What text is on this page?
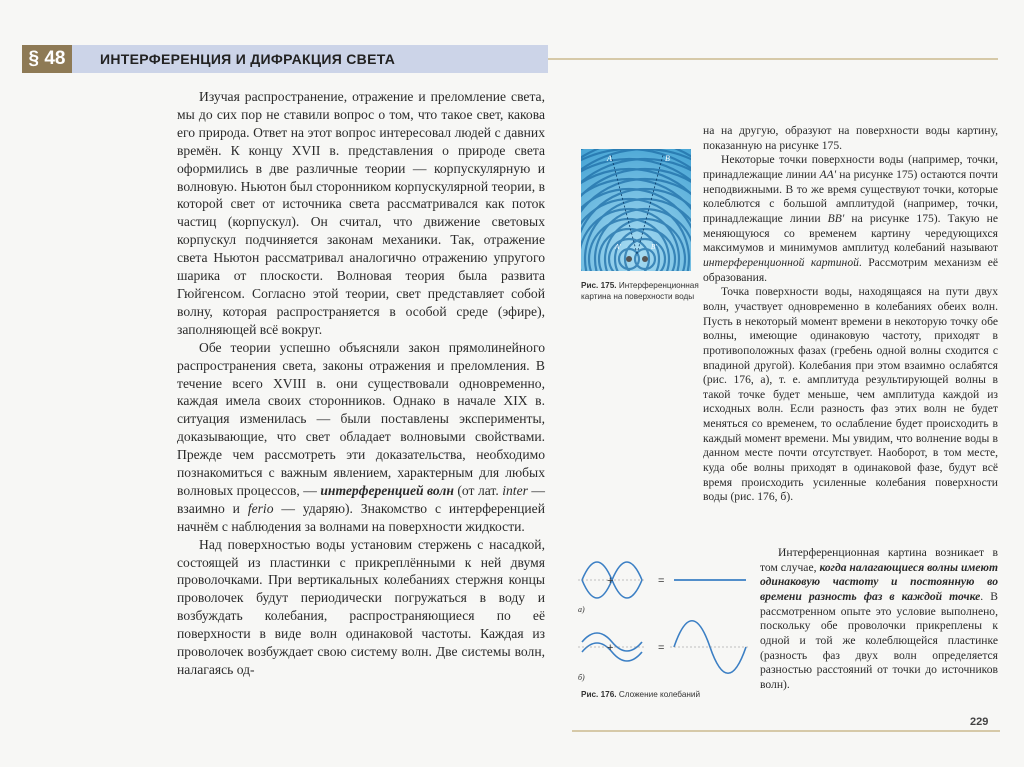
§ 48	ИНТЕРФЕРЕНЦИЯ И ДИФРАКЦИЯ СВЕТА

Изучая распространение, отражение и преломление света, мы до сих пор не ставили вопрос о том, что такое свет, какова его природа. Ответ на этот вопрос интересовал людей с давних времён. К концу XVII в. представления о природе света оформились в две различные теории — корпускулярную и волновую. Ньютон был сторонником корпускулярной теории, в которой свет от источника света рассматривался как поток частиц (корпускул). Он считал, что движение световых корпускул подчиняется законам механики. Так, отражение света Ньютон рассматривал аналогично отражению упругого шарика от плоскости. Волновая теория была развита Гюйгенсом. Согласно этой теории, свет представляет собой волну, которая распространяется в особой среде (эфире), заполняющей всё вокруг.

Обе теории успешно объясняли закон прямолинейного распространения света, законы отражения и преломления. В течение всего XVIII в. они существовали одновременно, каждая имела своих сторонников. Однако в начале XIX в. ситуация изменилась — были поставлены эксперименты, доказывающие, что свет обладает волновыми свойствами. Прежде чем рассмотреть эти доказательства, необходимо познакомиться с важным явлением, характерным для любых волновых процессов, — интерференцией волн (от лат. inter — взаимно и ferio — ударяю). Знакомство с интерференцией начнём с наблюдения за волнами на поверхности жидкости.

Над поверхностью воды установим стержень с насадкой, состоящей из пластинки с прикреплёнными к ней двумя проволочками. При вертикальных колебаниях стержня концы проволочек будут периодически погружаться в воду и возбуждать колебания, распространяющиеся по её поверхности в виде волн одинаковой частоты. Каждая из проволочек возбуждает свою систему волн. Две системы волн, налагаясь од-

A	B
A'	B'
Рис. 175. Интерференционная картина на поверхности воды

на на другую, образуют на поверхности воды картину, показанную на рисунке 175.

Некоторые точки поверхности воды (например, точки, принадлежащие линии AA' на рисунке 175) остаются почти неподвижными. В то же время существуют точки, которые колеблются с большой амплитудой (например, точки, принадлежащие линии BB' на рисунке 175). Такую не меняющуюся со временем картину чередующихся максимумов и минимумов амплитуд колебаний называют интерференционной картиной. Рассмотрим механизм её образования.

Точка поверхности воды, находящаяся на пути двух волн, участвует одновременно в колебаниях обеих волн. Пусть в некоторый момент времени в некоторую точку обе волны, имеющие одинаковую частоту, приходят в противоположных фазах (гребень одной волны сходится с впадиной другой). Колебания при этом взаимно ослабятся (рис. 176, а), т. е. амплитуда результирующей волны в такой точке будет меньше, чем амплитуда каждой из исходных волн. Если разность фаз этих волн не будет меняться со временем, то ослабление будет происходить в каждый момент времени. Мы увидим, что волнение воды в данном месте почти отсутствует. Наоборот, в том месте, куда обе волны приходят в одинаковой фазе, будут всё время происходить усиленные колебания поверхности воды (рис. 176, б).

+	=
+	=
а)
б)
Рис. 176. Сложение колебаний

Интерференционная картина возникает в том случае, когда налагающиеся волны имеют одинаковую частоту и постоянную во времени разность фаз в каждой точке. В рассмотренном опыте это условие выполнено, поскольку обе проволочки прикреплены к одной и той же колеблющейся пластинке (разность фаз двух волн определяется разностью расстояний от точки до источников волн).

229
